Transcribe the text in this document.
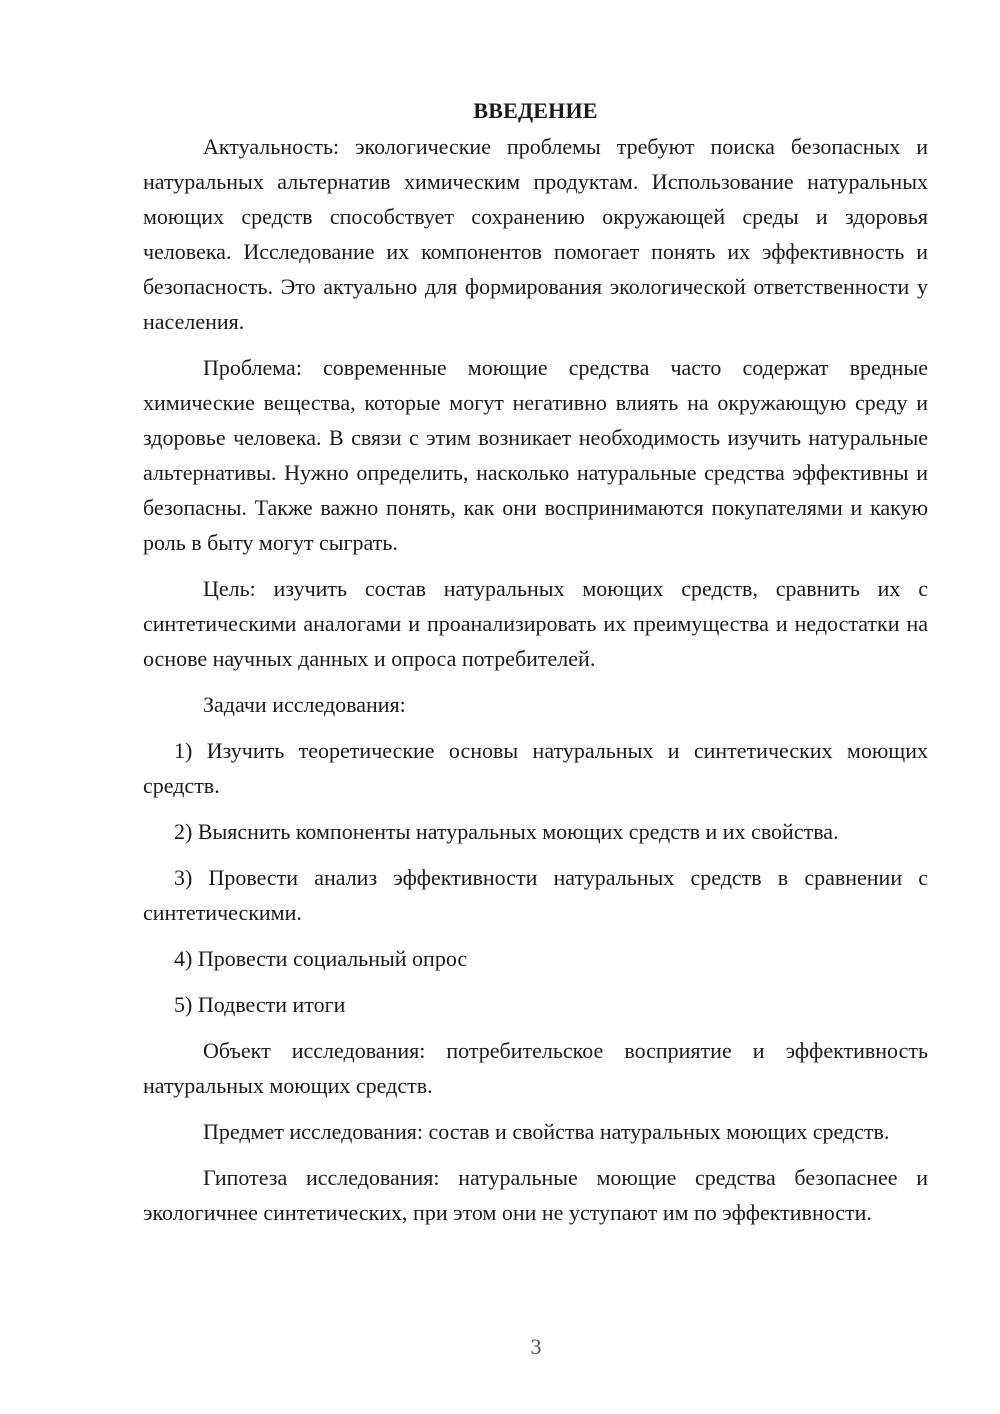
ВВЕДЕНИЕ

Актуальность: экологические проблемы требуют поиска безопасных и натуральных альтернатив химическим продуктам. Использование натуральных моющих средств способствует сохранению окружающей среды и здоровья человека. Исследование их компонентов помогает понять их эффективность и безопасность. Это актуально для формирования экологической ответственности у населения.

Проблема: современные моющие средства часто содержат вредные химические вещества, которые могут негативно влиять на окружающую среду и здоровье человека. В связи с этим возникает необходимость изучить натуральные альтернативы. Нужно определить, насколько натуральные средства эффективны и безопасны. Также важно понять, как они воспринимаются покупателями и какую роль в быту могут сыграть.

Цель: изучить состав натуральных моющих средств, сравнить их с синтетическими аналогами и проанализировать их преимущества и недостатки на основе научных данных и опроса потребителей.

Задачи исследования:

1) Изучить теоретические основы натуральных и синтетических моющих средств.

2) Выяснить компоненты натуральных моющих средств и их свойства.

3) Провести анализ эффективности натуральных средств в сравнении с синтетическими.

4) Провести социальный опрос

5) Подвести итоги

Объект исследования: потребительское восприятие и эффективность натуральных моющих средств.

Предмет исследования: состав и свойства натуральных моющих средств.

Гипотеза исследования: натуральные моющие средства безопаснее и экологичнее синтетических, при этом они не уступают им по эффективности.

3
